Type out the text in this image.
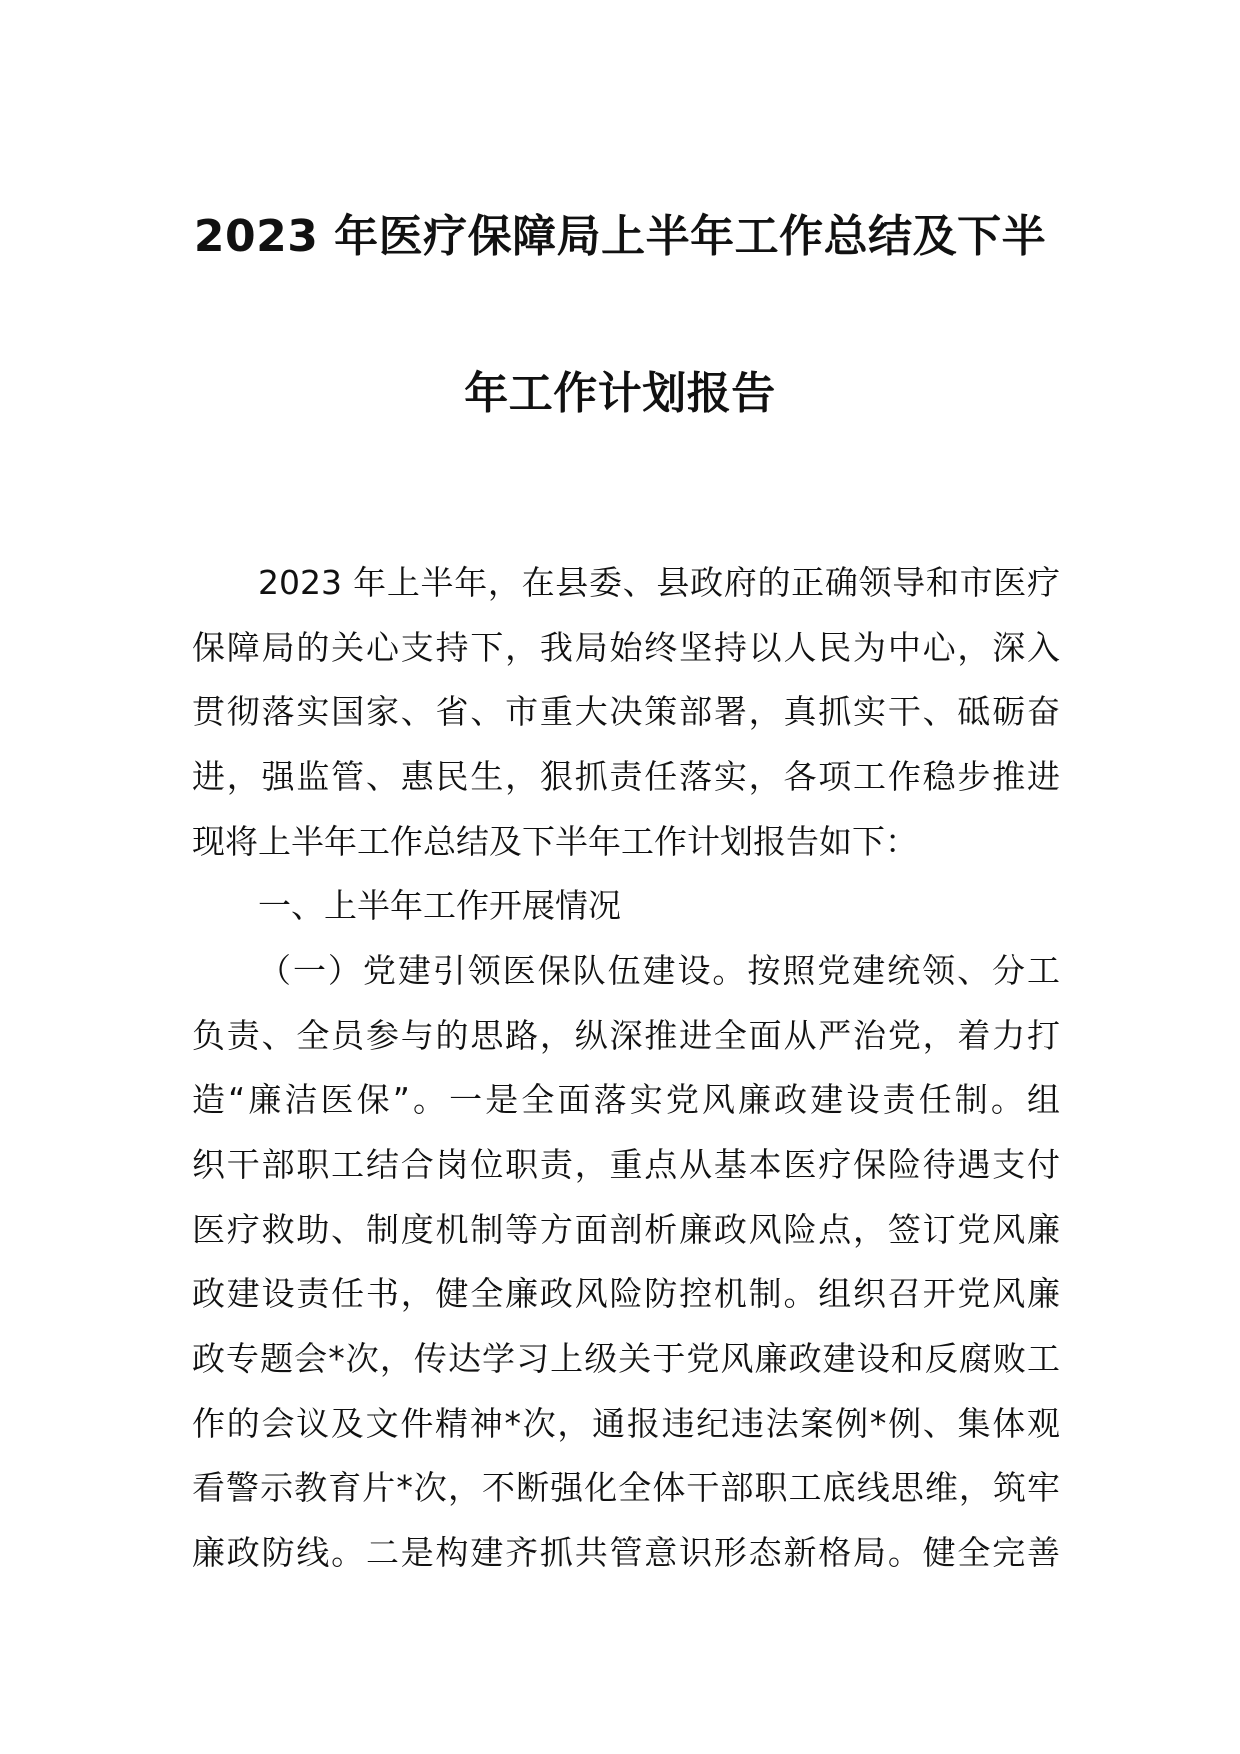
2023 年医疗保障局上半年工作总结及下半
年工作计划报告
2023 年上半年，在县委、县政府的正确领导和市医疗
保障局的关心支持下，我局始终坚持以人民为中心，深入
贯彻落实国家、省、市重大决策部署，真抓实干、砥砺奋
进，强监管、惠民生，狠抓责任落实，各项工作稳步推进
现将上半年工作总结及下半年工作计划报告如下：
一、上半年工作开展情况
（一）党建引领医保队伍建设。按照党建统领、分工
负责、全员参与的思路，纵深推进全面从严治党，着力打
造“廉洁医保”。一是全面落实党风廉政建设责任制。组
织干部职工结合岗位职责，重点从基本医疗保险待遇支付
医疗救助、制度机制等方面剖析廉政风险点，签订党风廉
政建设责任书，健全廉政风险防控机制。组织召开党风廉
政专题会*次，传达学习上级关于党风廉政建设和反腐败工
作的会议及文件精神*次，通报违纪违法案例*例、集体观
看警示教育片*次，不断强化全体干部职工底线思维，筑牢
廉政防线。二是构建齐抓共管意识形态新格局。健全完善
